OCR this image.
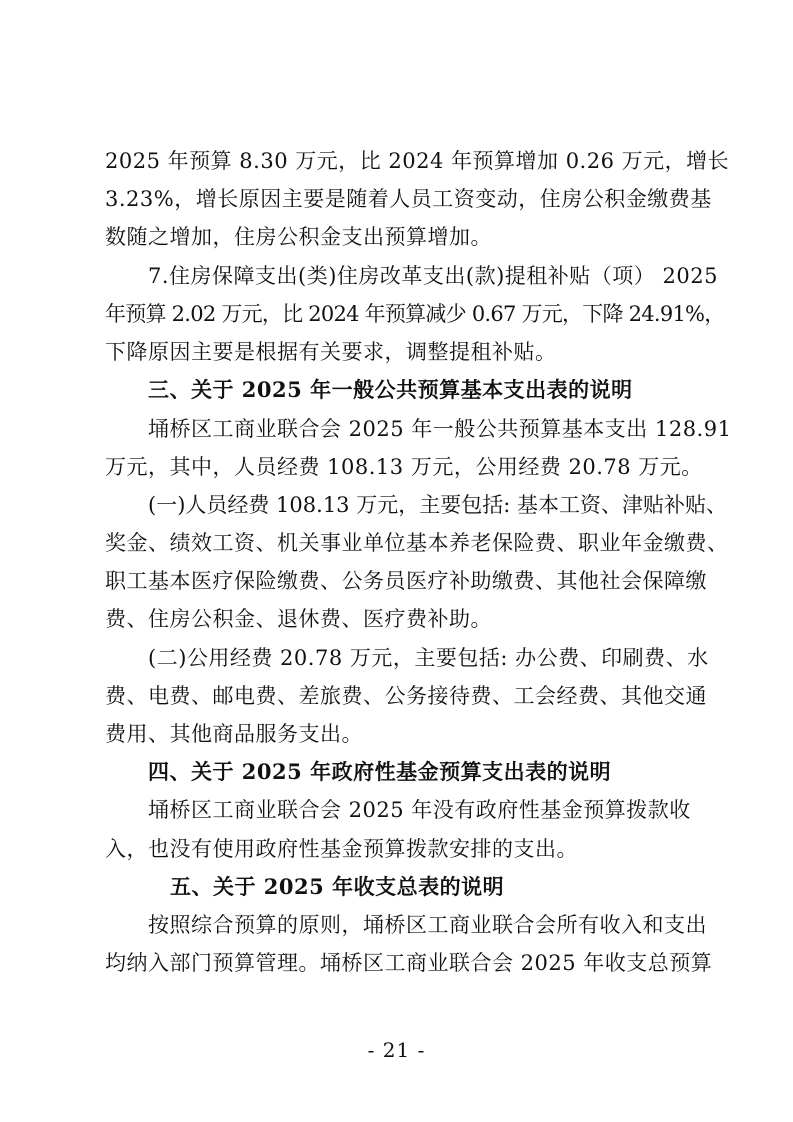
2025 年预算 8.30 万元，比 2024 年预算增加 0.26 万元，增长
3.23%，增长原因主要是随着人员工资变动，住房公积金缴费基
数随之增加，住房公积金支出预算增加。
7.住房保障支出(类)住房改革支出(款)提租补贴（项） 2025
年预算 2.02 万元，比 2024 年预算减少 0.67 万元，下降 24.91%，
下降原因主要是根据有关要求，调整提租补贴。
三、关于 2025 年一般公共预算基本支出表的说明
埇桥区工商业联合会 2025 年一般公共预算基本支出 128.91
万元，其中，人员经费 108.13 万元，公用经费 20.78 万元。
(一)人员经费 108.13 万元，主要包括: 基本工资、津贴补贴、
奖金、绩效工资、机关事业单位基本养老保险费、职业年金缴费、
职工基本医疗保险缴费、公务员医疗补助缴费、其他社会保障缴
费、住房公积金、退休费、医疗费补助。
(二)公用经费 20.78 万元，主要包括: 办公费、印刷费、水
费、电费、邮电费、差旅费、公务接待费、工会经费、其他交通
费用、其他商品服务支出。
四、关于 2025 年政府性基金预算支出表的说明
埇桥区工商业联合会 2025 年没有政府性基金预算拨款收
入，也没有使用政府性基金预算拨款安排的支出。
五、关于 2025 年收支总表的说明
按照综合预算的原则，埇桥区工商业联合会所有收入和支出
均纳入部门预算管理。埇桥区工商业联合会 2025 年收支总预算
- 21 -
